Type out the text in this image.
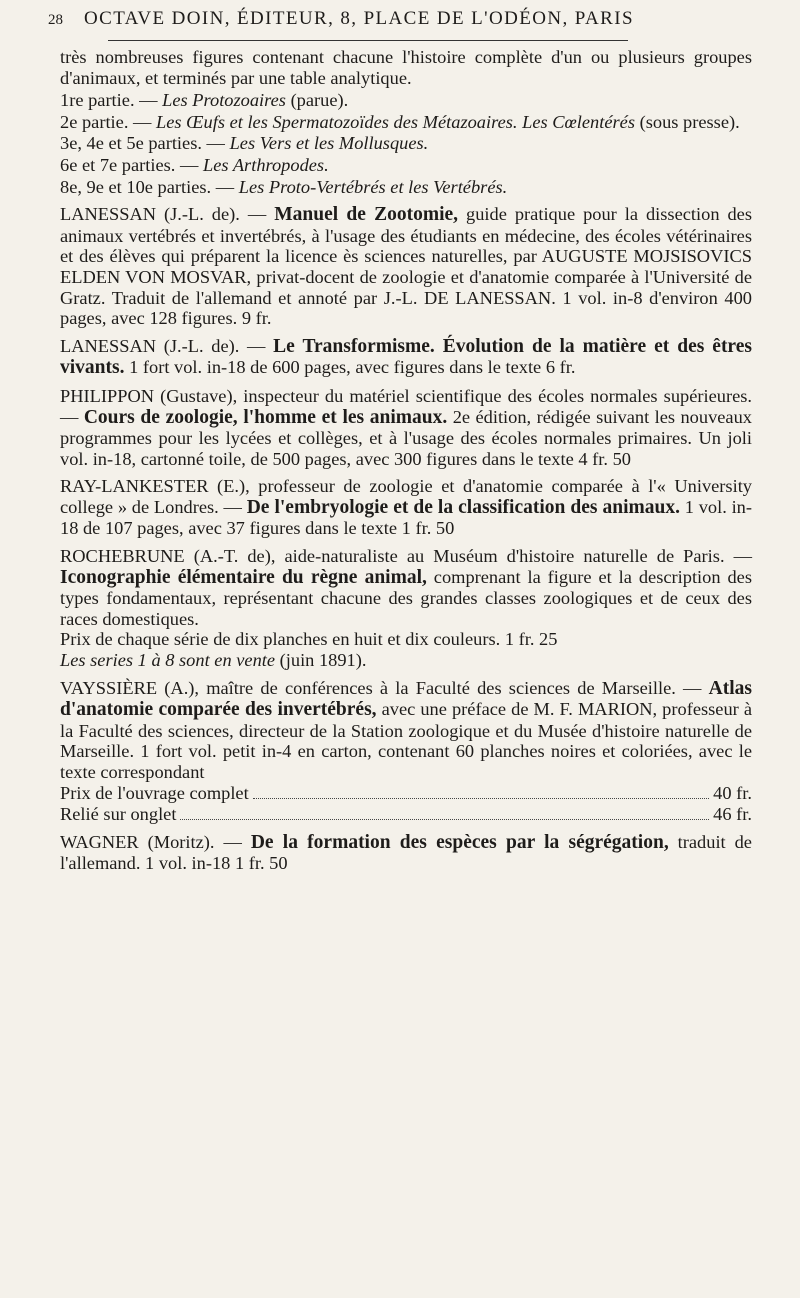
28	OCTAVE DOIN, ÉDITEUR, 8, PLACE DE L'ODÉON, PARIS
très nombreuses figures contenant chacune l'histoire complète d'un ou plusieurs groupes d'animaux, et terminés par une table analytique.
1re partie. — Les Protozoaires (parue).
2e partie. — Les Œufs et les Spermatozoïdes des Métazoaires. Les Cœlentérés (sous presse).
3e, 4e et 5e parties. — Les Vers et les Mollusques.
6e et 7e parties. — Les Arthropodes.
8e, 9e et 10e parties. — Les Proto-Vertébrés et les Vertébrés.
LANESSAN (J.-L. de). — Manuel de Zootomie, guide pratique pour la dissection des animaux vertébrés et invertébrés, à l'usage des étudiants en médecine, des écoles vétérinaires et des élèves qui préparent la licence ès sciences naturelles, par AUGUSTE MOJSISOVICS ELDEN VON MOSVAR, privat-docent de zoologie et d'anatomie comparée à l'Université de Gratz. Traduit de l'allemand et annoté par J.-L. DE LANESSAN. 1 vol. in-8 d'environ 400 pages, avec 128 figures. 9 fr.
LANESSAN (J.-L. de). — Le Transformisme. Évolution de la matière et des êtres vivants. 1 fort vol. in-18 de 600 pages, avec figures dans le texte 6 fr.
PHILIPPON (Gustave), inspecteur du matériel scientifique des écoles normales supérieures. — Cours de zoologie, l'homme et les animaux. 2e édition, rédigée suivant les nouveaux programmes pour les lycées et collèges, et à l'usage des écoles normales primaires. Un joli vol. in-18, cartonné toile, de 500 pages, avec 300 figures dans le texte 4 fr. 50
RAY-LANKESTER (E.), professeur de zoologie et d'anatomie comparée à l'« University college » de Londres. — De l'embryologie et de la classification des animaux. 1 vol. in-18 de 107 pages, avec 37 figures dans le texte 1 fr. 50
ROCHEBRUNE (A.-T. de), aide-naturaliste au Muséum d'histoire naturelle de Paris. — Iconographie élémentaire du règne animal, comprenant la figure et la description des types fondamentaux, représentant chacune des grandes classes zoologiques et de ceux des races domestiques.
Prix de chaque série de dix planches en huit et dix couleurs. 1 fr. 25
Les series 1 à 8 sont en vente (juin 1891).
VAYSSIÈRE (A.), maître de conférences à la Faculté des sciences de Marseille. — Atlas d'anatomie comparée des invertébrés, avec une préface de M. F. MARION, professeur à la Faculté des sciences, directeur de la Station zoologique et du Musée d'histoire naturelle de Marseille. 1 fort vol. petit in-4 en carton, contenant 60 planches noires et coloriées, avec le texte correspondant
Prix de l'ouvrage complet	40 fr.
Relié sur onglet	46 fr.
WAGNER (Moritz). — De la formation des espèces par la ségrégation, traduit de l'allemand. 1 vol. in-18 1 fr. 50
